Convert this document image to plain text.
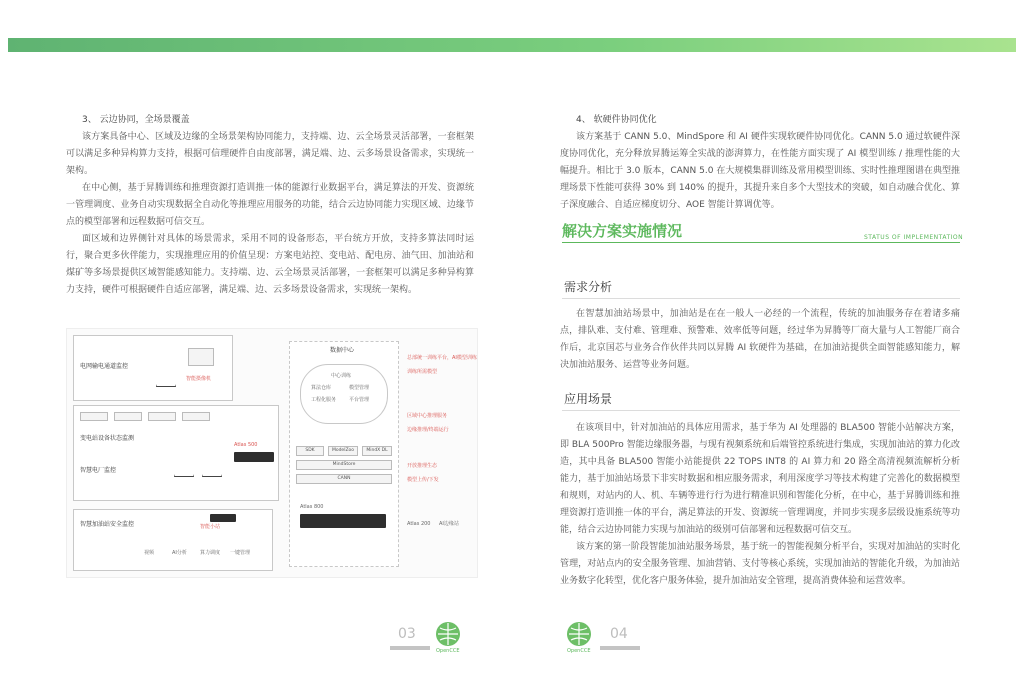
3、 云边协同，全场景覆盖

该方案具备中心、区域及边缘的全场景架构协同能力，支持端、边、云全场景灵活部署，一套框架可以满足多种异构算力支持，根据可信理硬件自由度部署，满足端、边、云多场景设备需求，实现统一架构。

在中心侧，基于昇腾训练和推理资源打造训推一体的能源行业数据平台，满足算法的开发、资源统一管理调度、业务自动实现数据全自动化等推理应用服务的功能，结合云边协同能力实现区域、边缘节点的模型部署和远程数据可信交互。

面区域和边界侧针对具体的场景需求，采用不同的设备形态，平台统方开放，支持多算法同时运行，聚合更多伙伴能力，实现推理应用的价值呈现：方案电站控、变电站、配电房、油气田、加油站和煤矿等多场景提供区域智能感知能力。支持端、边、云全场景灵活部署，一套框架可以满足多种异构算力支持，硬件可根据硬件自适应部署，满足端、边、云多场景设备需求，实现统一架构。

电网输电通道监控
智能摄像机
变电站设备状态监测
智慧电厂监控
Atlas 500
智慧加油站安全监控	智能小站
视频	AI分析	算力调度 一键管理
数据中心
中心训练
算法仓库	模型管理
工程化服务	平台管理
SDK	ModelZoo	MindX DL
MindStore
CANN
Atlas 800
总部统一训练平台，AI模型训练
训练所需模型
区域中心推理服务
边缘推理/终端运行
开放推理生态
模型上传/下发
Atlas 200 AI边缘站
4、 软硬件协同优化

该方案基于 CANN 5.0、MindSpore 和 AI 硬件实现软硬件协同优化。CANN 5.0 通过软硬件深度协同优化，充分释放昇腾运筹全实战的澎湃算力，在性能方面实现了 AI 模型训练 / 推理性能的大幅提升。相比于 3.0 版本，CANN 5.0 在大规模集群训练及常用模型训练、实时性推理图谱在典型推理场景下性能可获得 30% 到 140% 的提升，其提升来自多个大型技术的突破，如自动融合优化、算子深度融合、自适应梯度切分、AOE 智能计算调优等。

解决方案实施情况	STATUS OF IMPLEMENTATION
需求分析

在智慧加油站场景中，加油站是在在一般人一必经的一个流程，传统的加油服务存在着诸多痛点，排队难、支付难、管理难、预警难、效率低等问题，经过华为昇腾等厂商大量与人工智能厂商合作后，北京国芯与业务合作伙伴共同以昇腾 AI 软硬件为基础，在加油站提供全面智能感知能力，解决加油站服务、运营等业务问题。

应用场景

在该项目中，针对加油站的具体应用需求，基于华为 AI 处理器的 BLA500 智能小站解决方案，即 BLA 500Pro 智能边缘服务器，与现有视频系统和后端管控系统进行集成，实现加油站的算力化改造，其中具备 BLA500 智能小站能提供 22 TOPS INT8 的 AI 算力和 20 路全高清视频流解析分析能力，基于加油站场景下非实时数据和相应服务需求，利用深度学习等技术构建了完善化的数据模型和规则，对站内的人、机、车辆等进行行为进行精准识别和智能化分析，在中心，基于昇腾训练和推理资源打造训推一体的平台，满足算法的开发、资源统一管理调度，并同步实现多层级设施系统等功能，结合云边协同能力实现与加油站的级别可信部署和远程数据可信交互。

该方案的第一阶段智能加油站服务场景，基于统一的智能视频分析平台，实现对加油站的实时化管理，对站点内的安全服务管理、加油营销、支付等核心系统，实现加油站的智能化升级，为加油站业务数字化转型，优化客户服务体验，提升加油站安全管理，提高消费体验和运营效率。

03
OpenCCE	OpenCCE
04
